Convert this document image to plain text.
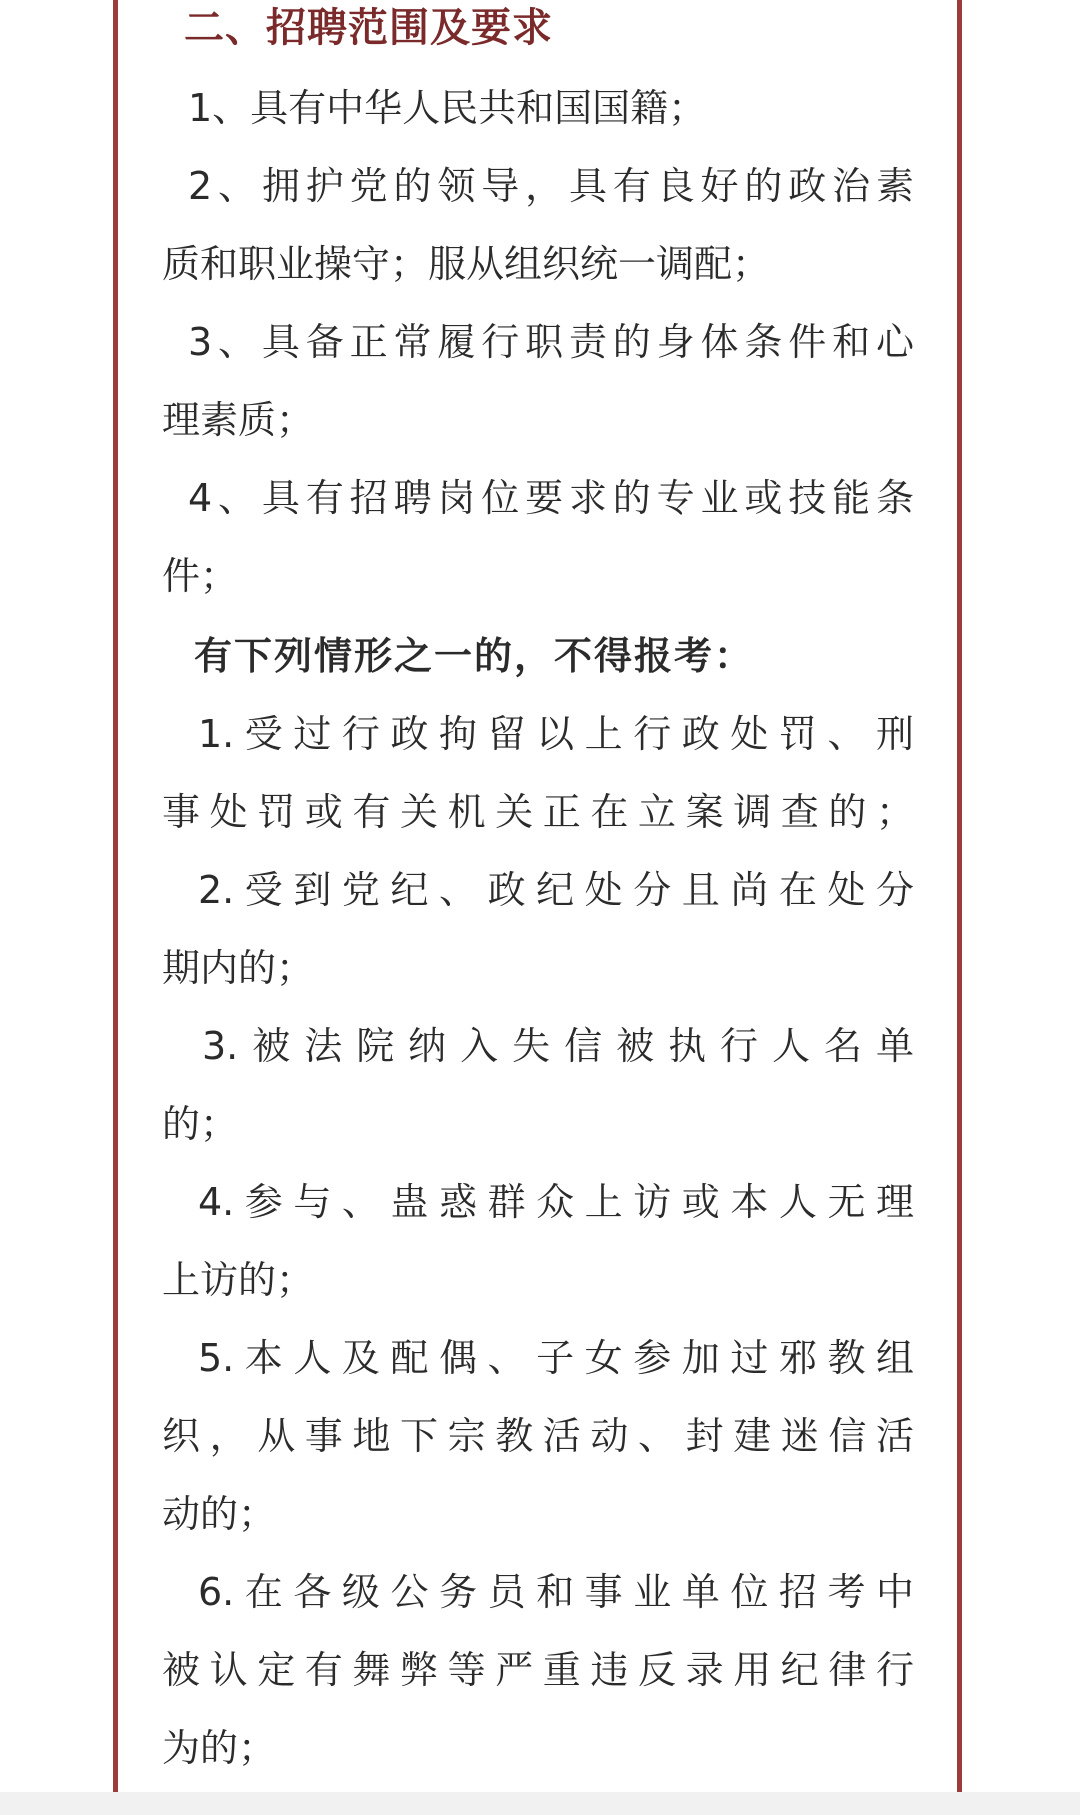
二、招聘范围及要求
1、具有中华人民共和国国籍；
2、拥护党的领导，具有良好的政治素
质和职业操守；服从组织统一调配；
3、具备正常履行职责的身体条件和心
理素质；
4、具有招聘岗位要求的专业或技能条
件；
有下列情形之一的，不得报考：
1.受过行政拘留以上行政处罚、刑
事处罚或有关机关正在立案调查的；
2.受到党纪、政纪处分且尚在处分
期内的；
3.被法院纳入失信被执行人名单
的；
4.参与、蛊惑群众上访或本人无理
上访的；
5.本人及配偶、子女参加过邪教组
织，从事地下宗教活动、封建迷信活
动的；
6.在各级公务员和事业单位招考中
被认定有舞弊等严重违反录用纪律行
为的；
